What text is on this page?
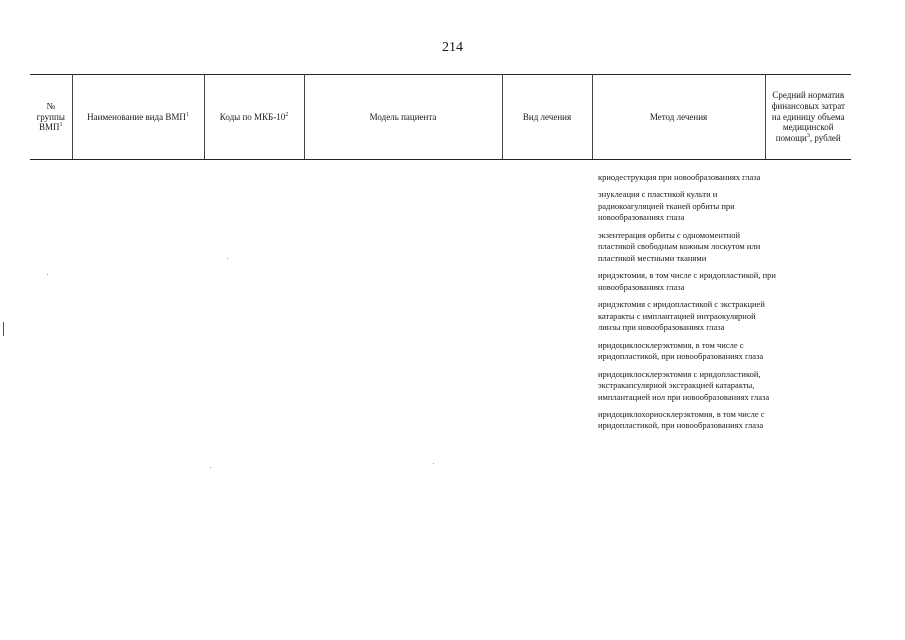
214
№ группы ВМП$^1$	Наименование вида ВМП$^1$	Коды по МКБ-$10^2$	Модель пациента	Вид лечения	Метод лечения	Средний норматив финансовых затрат на единицу объема медицинской помощи$^3$, рублей

криодеструкция при новообразованиях глаза

энуклеация с пластикой культи и радиокоагуляцией тканей орбиты при новообразованиях глаза

экзентерация орбиты с одномоментной пластикой свободным кожным лоскутом или пластикой местными тканями

иридэктомия, в том числе с иридопластикой, при новообразованиях глаза

иридэктомия с иридопластикой с экстракцией катаракты с имплантацией интраокулярной линзы при новообразованиях глаза

иридоциклосклерэктомия, в том числе с иридопластикой, при новообразованиях глаза

иридоциклосклерэктомия с иридопластикой, экстракапсулярной экстракцией катаракты, имплантацией иол при новообразованиях глаза

иридоциклохориосклерэктомия, в том числе с иридопластикой, при новообразованиях глаза
